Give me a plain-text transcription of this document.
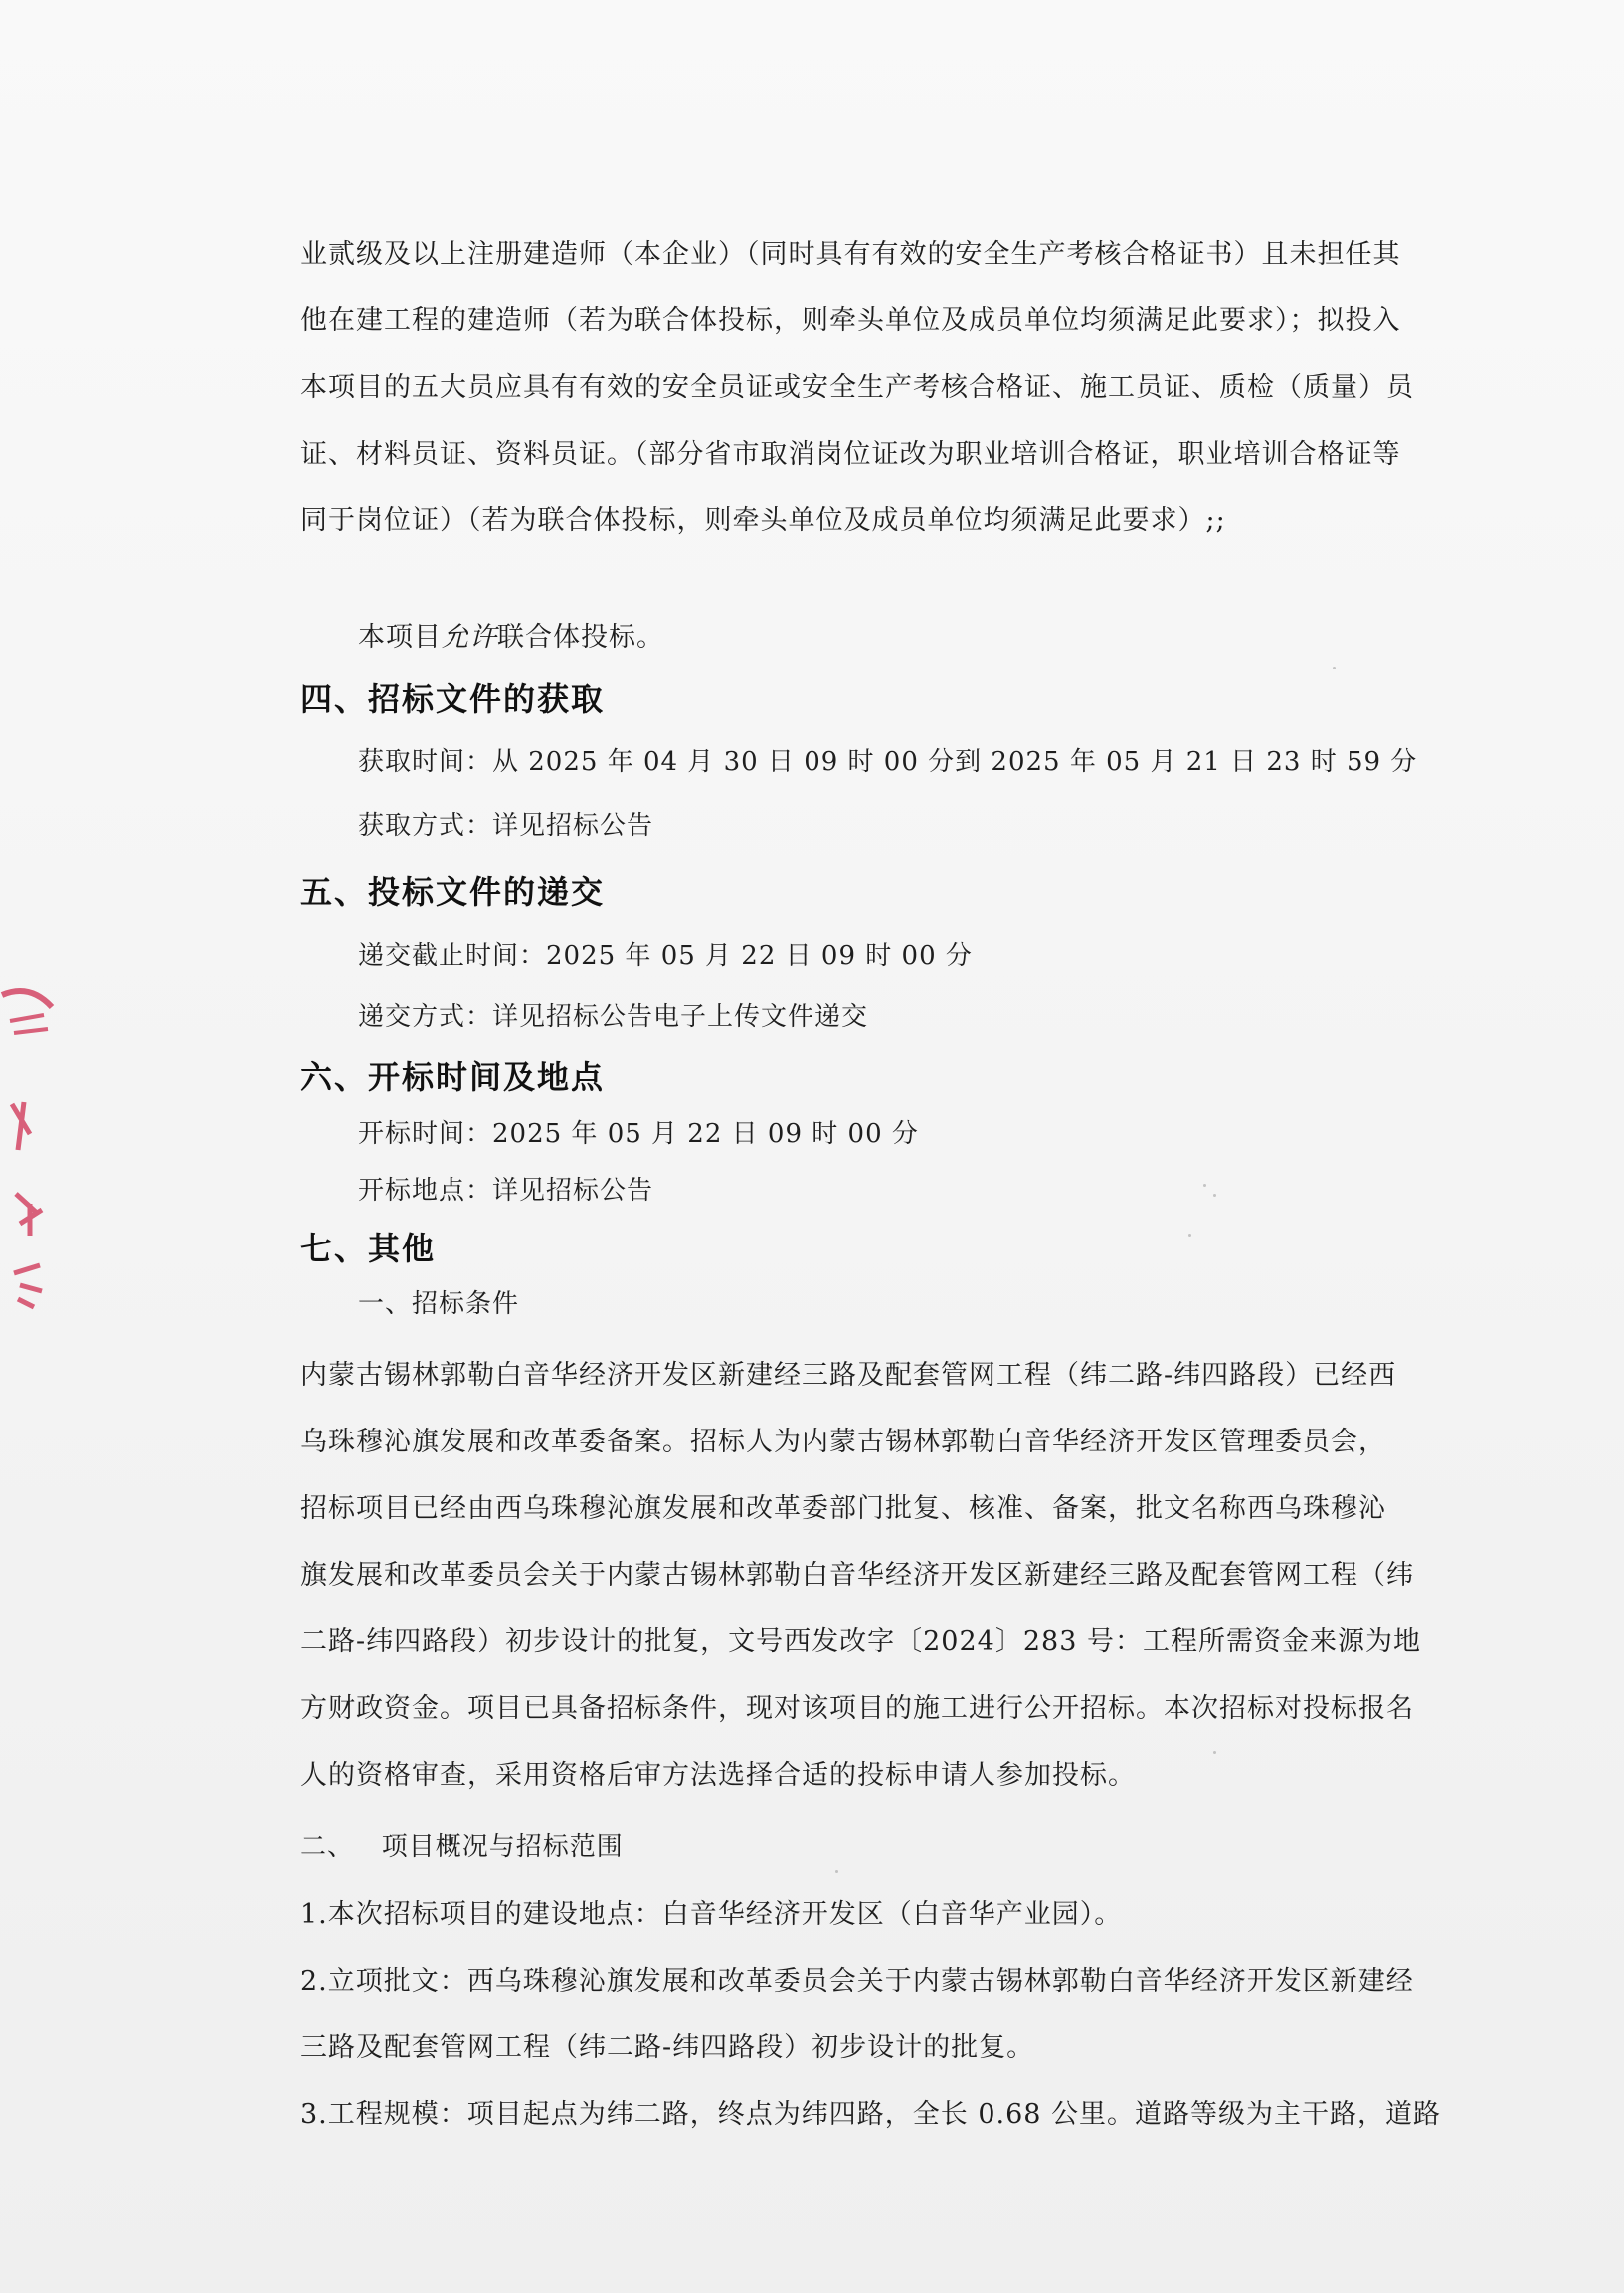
业贰级及以上注册建造师（本企业）（同时具有有效的安全生产考核合格证书）且未担任其
他在建工程的建造师（若为联合体投标，则牵头单位及成员单位均须满足此要求）；拟投入
本项目的五大员应具有有效的安全员证或安全生产考核合格证、施工员证、质检（质量）员
证、材料员证、资料员证。（部分省市取消岗位证改为职业培训合格证，职业培训合格证等
同于岗位证）（若为联合体投标，则牵头单位及成员单位均须满足此要求）;;
本项目允许联合体投标。
四、招标文件的获取
获取时间：从 2025 年 04 月 30 日 09 时 00 分到 2025 年 05 月 21 日 23 时 59 分
获取方式：详见招标公告
五、投标文件的递交
递交截止时间：2025 年 05 月 22 日 09 时 00 分
递交方式：详见招标公告电子上传文件递交
六、开标时间及地点
开标时间：2025 年 05 月 22 日 09 时 00 分
开标地点：详见招标公告
七、其他
一、招标条件
内蒙古锡林郭勒白音华经济开发区新建经三路及配套管网工程（纬二路-纬四路段）已经西
乌珠穆沁旗发展和改革委备案。招标人为内蒙古锡林郭勒白音华经济开发区管理委员会，
招标项目已经由西乌珠穆沁旗发展和改革委部门批复、核准、备案，批文名称西乌珠穆沁
旗发展和改革委员会关于内蒙古锡林郭勒白音华经济开发区新建经三路及配套管网工程（纬
二路-纬四路段）初步设计的批复，文号西发改字〔2024〕283 号：工程所需资金来源为地
方财政资金。项目已具备招标条件，现对该项目的施工进行公开招标。本次招标对投标报名
人的资格审查，采用资格后审方法选择合适的投标申请人参加投标。
二、   项目概况与招标范围
1.本次招标项目的建设地点：白音华经济开发区（白音华产业园）。
2.立项批文：西乌珠穆沁旗发展和改革委员会关于内蒙古锡林郭勒白音华经济开发区新建经
三路及配套管网工程（纬二路-纬四路段）初步设计的批复。
3.工程规模：项目起点为纬二路，终点为纬四路，全长 0.68 公里。道路等级为主干路，道路
